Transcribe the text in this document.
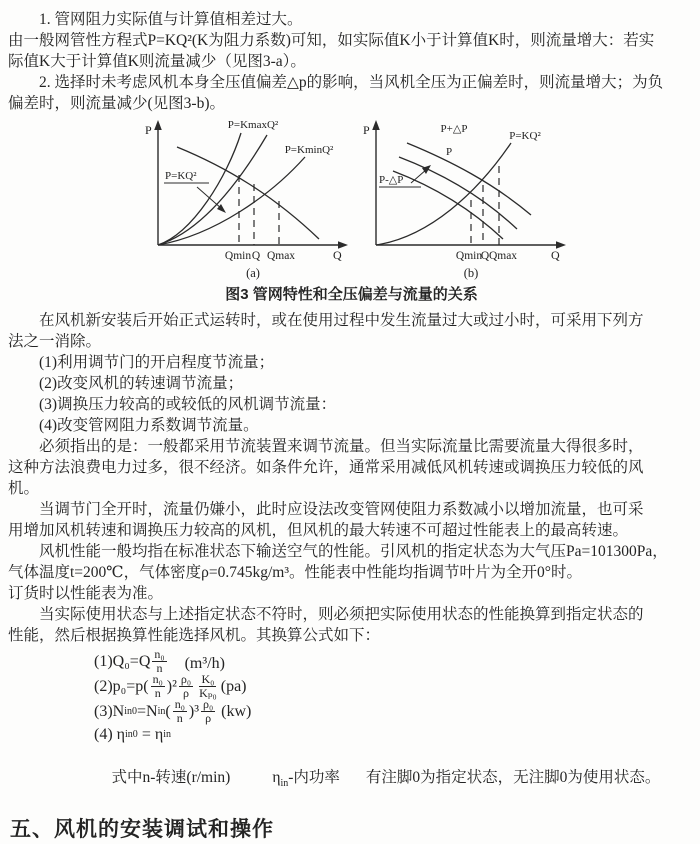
　　1. 管网阻力实际值与计算值相差过大。
由一般网管性方程式P=KQ²(K为阻力系数)可知，如实际值K小于计算值K时，则流量增大：若实
际值K大于计算值K则流量减少（见图3-a）。
　　2. 选择时未考虑风机本身全压值偏差△p的影响，当风机全压为正偏差时，则流量增大；为负
偏差时，则流量减少(见图3-b)。
P
Q
P=KmaxQ²
P=KQ²
P=KminQ²
Qmin Q Qmax
(a)
P
Q
P+△P
P
P-△P
P=KQ²
Qmin
Q Qmax
(b)
图3 管网特性和全压偏差与流量的关系
　　在风机新安装后开始正式运转时，或在使用过程中发生流量过大或过小时，可采用下列方
法之一消除。
　　(1)利用调节门的开启程度节流量；
　　(2)改变风机的转速调节流量；
　　(3)调换压力较高的或较低的风机调节流量：
　　(4)改变管网阻力系数调节流量。
　　必须指出的是：一般都采用节流装置来调节流量。但当实际流量比需要流量大得很多时，
这种方法浪费电力过多，很不经济。如条件允许，通常采用减低风机转速或调换压力较低的风
机。
　　当调节门全开时，流量仍嫌小，此时应设法改变管网使阻力系数减小以增加流量，也可采
用增加风机转速和调换压力较高的风机，但风机的最大转速不可超过性能表上的最高转速。
　　风机性能一般均指在标准状态下输送空气的性能。引风机的指定状态为大气压Pa=101300Pa，
气体温度t=200℃，气体密度ρ=0.745kg/m³。性能表中性能均指调节叶片为全开0°时。
订货时以性能表为准。
　　当实际使用状态与上述指定状态不符时，则必须把实际使用状态的性能换算到指定状态的
性能，然后根据换算性能选择风机。其换算公式如下：
$(1)Q_0=Q \frac{\text{n₀}}{n}$ 　(m³/h)
$(2)p_0=p( \frac{\text{n₀}}{n} )^2 \frac{\text{ρ₀}}{\rho} \frac{\text{K₀}}{\text{Kₚ₀}} (pa)$
(3)N in0 =N in ( $\frac{\text{n₀}}{n} )^3 \frac{\text{ρ₀}}{\rho} (kw)$
(4) η in0 = η in

式中n-转速(r/min)	$\eta_{in}-$内功率 有注脚0为指定状态，无注脚0为使用状态。

五、风机的安装调试和操作
